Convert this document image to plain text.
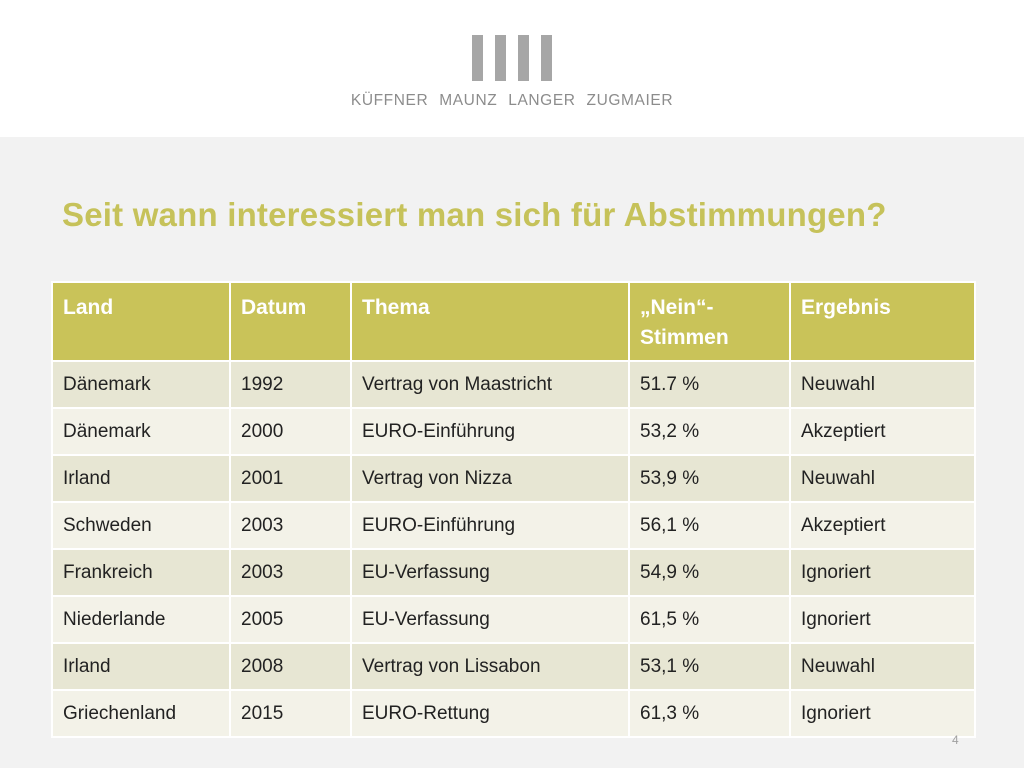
KÜFFNER MAUNZ LANGER ZUGMAIER
Seit wann interessiert man sich für Abstimmungen?
Land	Datum	Thema	„Nein“-Stimmen	Ergebnis
Dänemark	1992	Vertrag von Maastricht	51.7 %	Neuwahl
Dänemark	2000	EURO-Einführung	53,2 %	Akzeptiert
Irland	2001	Vertrag von Nizza	53,9 %	Neuwahl
Schweden	2003	EURO-Einführung	56,1 %	Akzeptiert
Frankreich	2003	EU-Verfassung	54,9 %	Ignoriert
Niederlande	2005	EU-Verfassung	61,5 %	Ignoriert
Irland	2008	Vertrag von Lissabon	53,1 %	Neuwahl
Griechenland	2015	EURO-Rettung	61,3 %	Ignoriert
4
